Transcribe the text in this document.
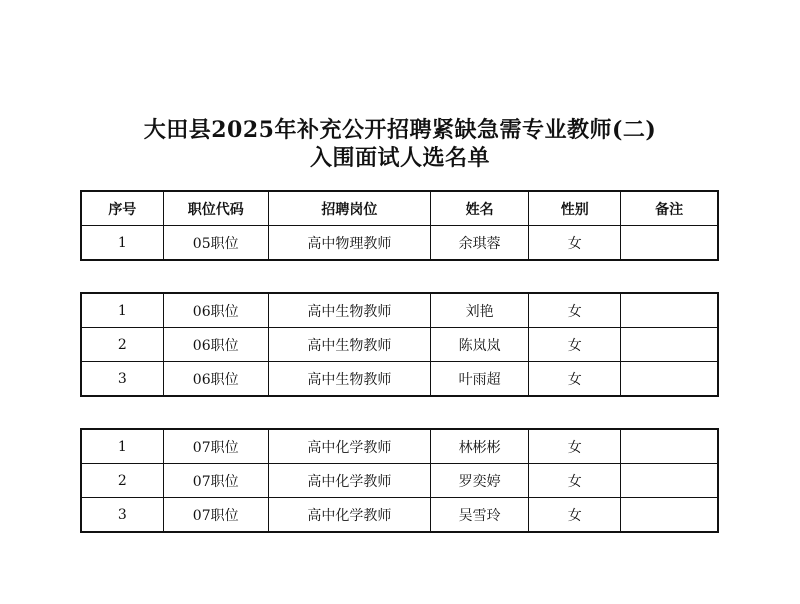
大田县2025年补充公开招聘紧缺急需专业教师(二)
入围面试人选名单
序号	职位代码	招聘岗位	姓名	性别	备注
1	05职位	高中物理教师	余琪蓉	女	
1	06职位	高中生物教师	刘艳	女	
2	06职位	高中生物教师	陈岚岚	女	
3	06职位	高中生物教师	叶雨超	女	
1	07职位	高中化学教师	林彬彬	女	
2	07职位	高中化学教师	罗奕婷	女	
3	07职位	高中化学教师	吴雪玲	女	
